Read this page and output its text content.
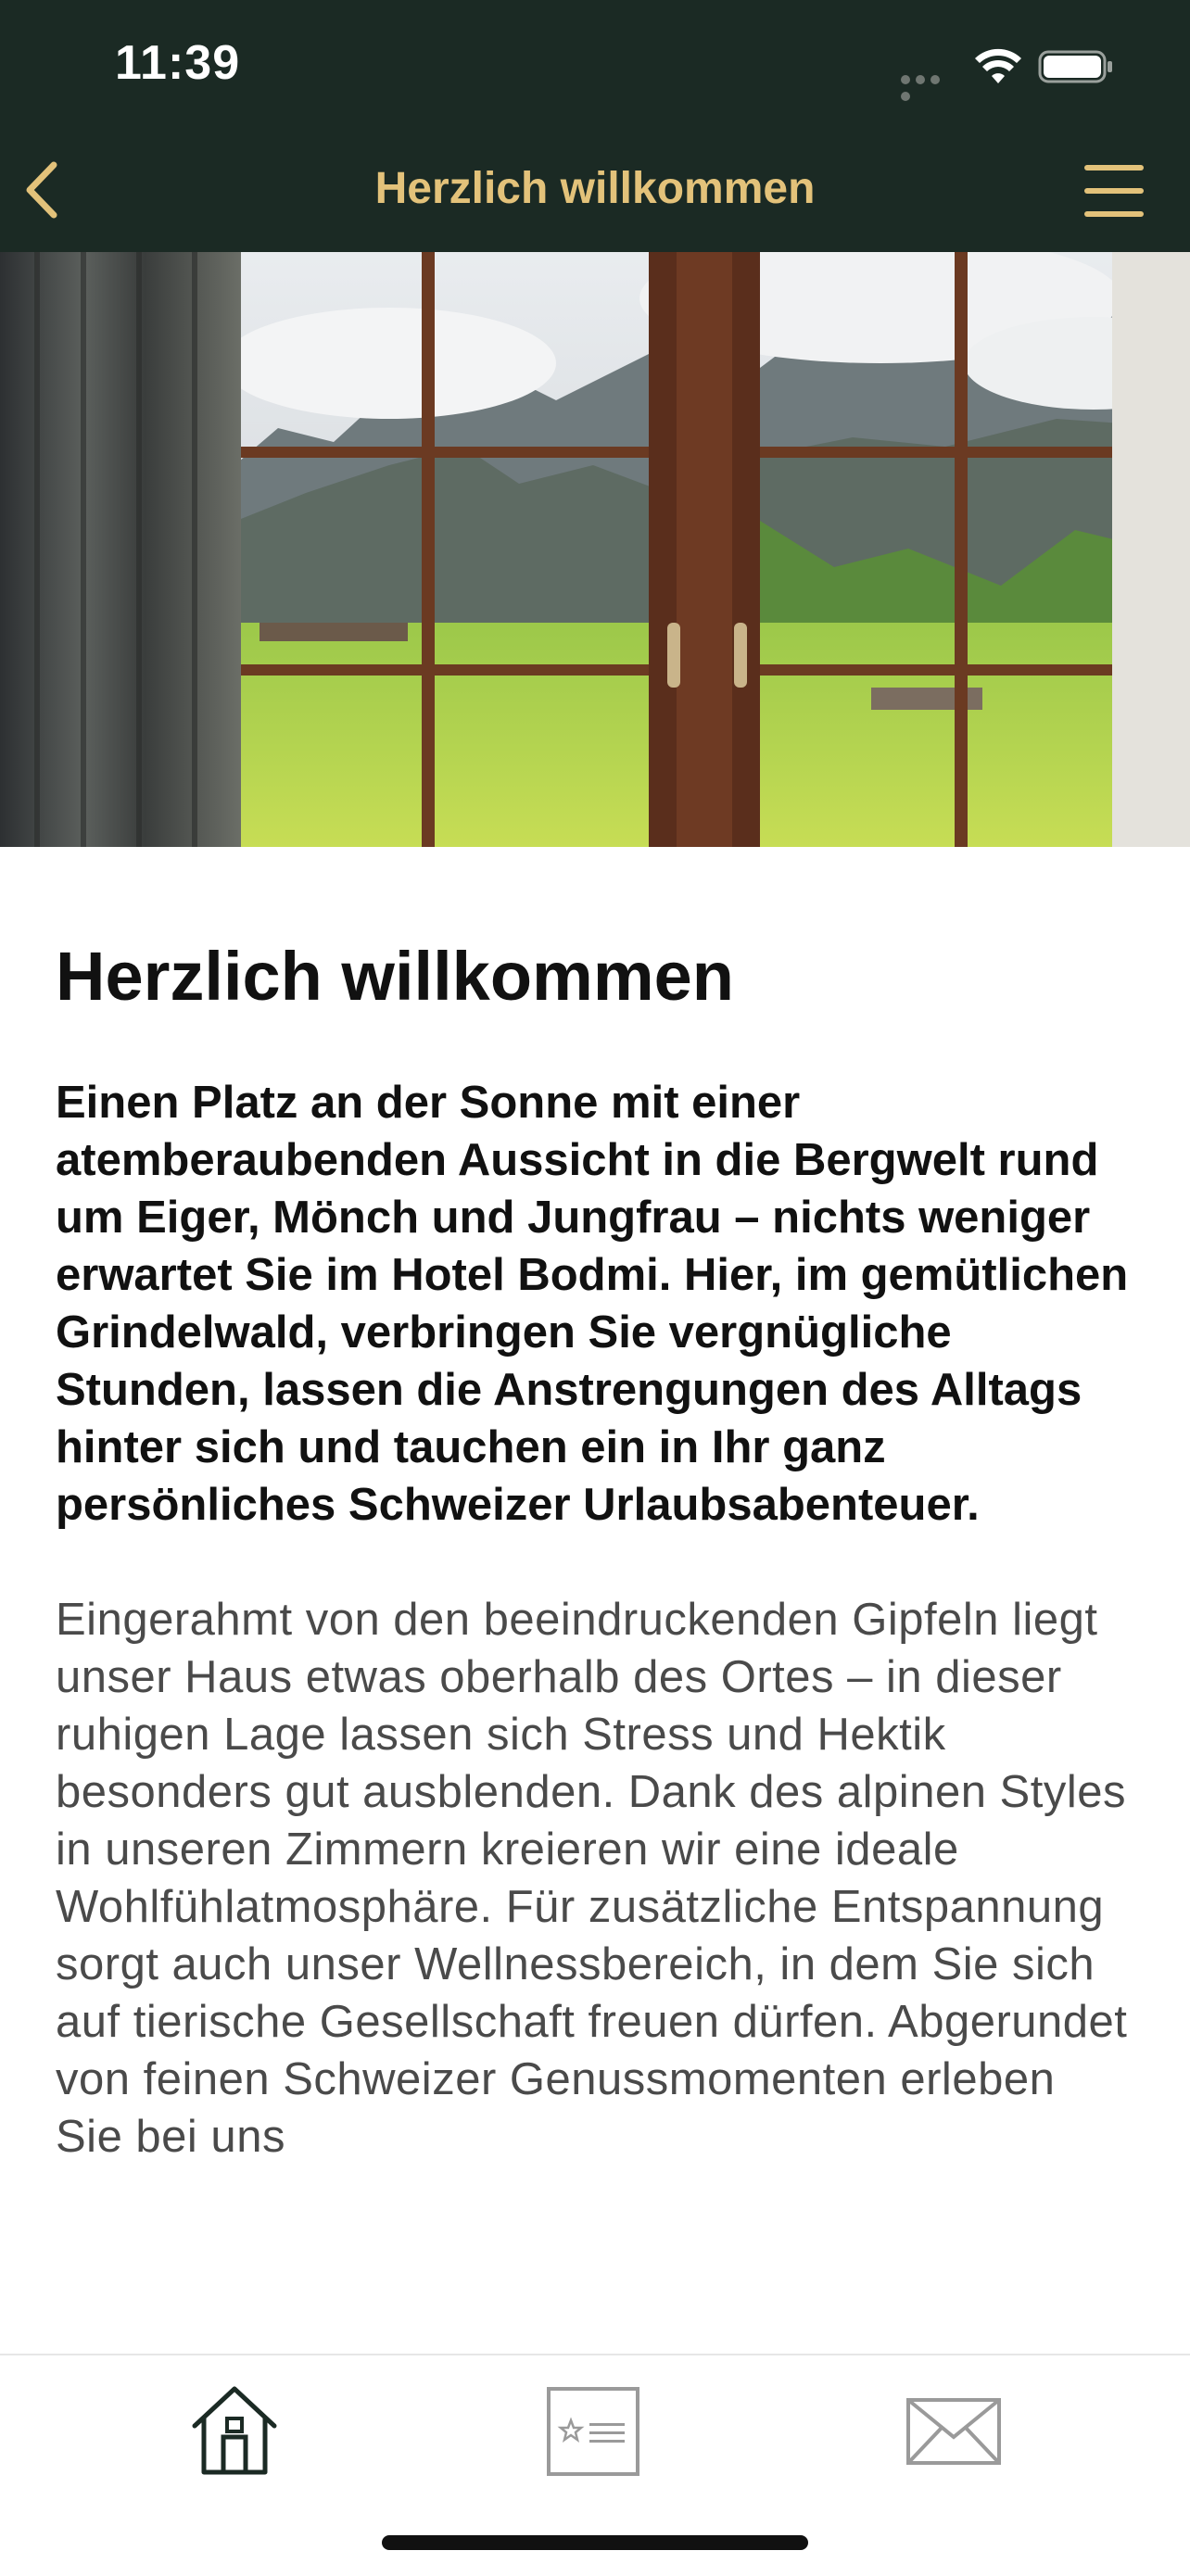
11:39
Herzlich willkommen
Herzlich willkommen

Einen Platz an der Sonne mit einer atemberaubenden Aussicht in die Bergwelt rund um Eiger, Mönch und Jungfrau – nichts weniger erwartet Sie im Hotel Bodmi. Hier, im gemütlichen Grindelwald, verbringen Sie vergnügliche Stunden, lassen die Anstrengungen des Alltags hinter sich und tauchen ein in Ihr ganz persönliches Schweizer Urlaubsabenteuer.

Eingerahmt von den beeindruckenden Gipfeln liegt unser Haus etwas oberhalb des Ortes – in dieser ruhigen Lage lassen sich Stress und Hektik besonders gut ausblenden. Dank des alpinen Styles in unseren Zimmern kreieren wir eine ideale Wohlfühlatmosphäre. Für zusätzliche Entspannung sorgt auch unser Wellnessbereich, in dem Sie sich auf tierische Gesellschaft freuen dürfen. Abgerundet von feinen Schweizer Genussmomenten erleben Sie bei uns
